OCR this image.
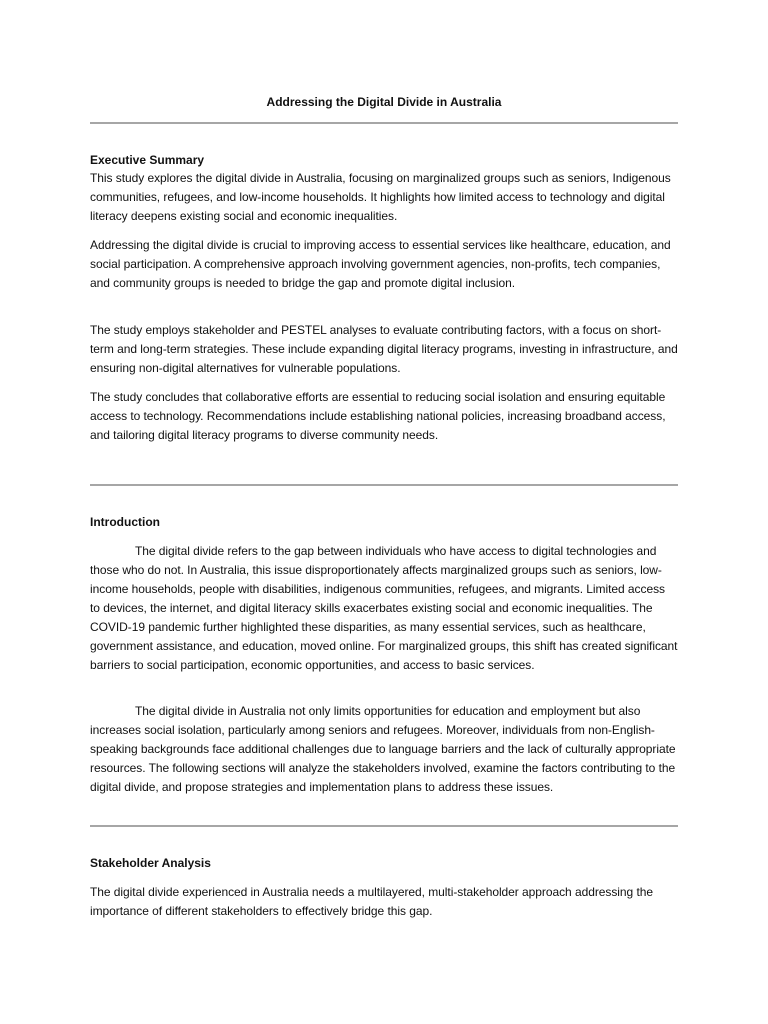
Addressing the Digital Divide in Australia
Executive Summary

This study explores the digital divide in Australia, focusing on marginalized groups such as seniors, Indigenous communities, refugees, and low-income households. It highlights how limited access to technology and digital literacy deepens existing social and economic inequalities.

Addressing the digital divide is crucial to improving access to essential services like healthcare, education, and social participation. A comprehensive approach involving government agencies, non-profits, tech companies, and community groups is needed to bridge the gap and promote digital inclusion.

The study employs stakeholder and PESTEL analyses to evaluate contributing factors, with a focus on short-term and long-term strategies. These include expanding digital literacy programs, investing in infrastructure, and ensuring non-digital alternatives for vulnerable populations.

The study concludes that collaborative efforts are essential to reducing social isolation and ensuring equitable access to technology. Recommendations include establishing national policies, increasing broadband access, and tailoring digital literacy programs to diverse community needs.

Introduction

The digital divide refers to the gap between individuals who have access to digital technologies and those who do not. In Australia, this issue disproportionately affects marginalized groups such as seniors, low-income households, people with disabilities, indigenous communities, refugees, and migrants. Limited access to devices, the internet, and digital literacy skills exacerbates existing social and economic inequalities. The COVID-19 pandemic further highlighted these disparities, as many essential services, such as healthcare, government assistance, and education, moved online. For marginalized groups, this shift has created significant barriers to social participation, economic opportunities, and access to basic services.

The digital divide in Australia not only limits opportunities for education and employment but also increases social isolation, particularly among seniors and refugees. Moreover, individuals from non-English-speaking backgrounds face additional challenges due to language barriers and the lack of culturally appropriate resources. The following sections will analyze the stakeholders involved, examine the factors contributing to the digital divide, and propose strategies and implementation plans to address these issues.

Stakeholder Analysis

The digital divide experienced in Australia needs a multilayered, multi-stakeholder approach addressing the importance of different stakeholders to effectively bridge this gap.
